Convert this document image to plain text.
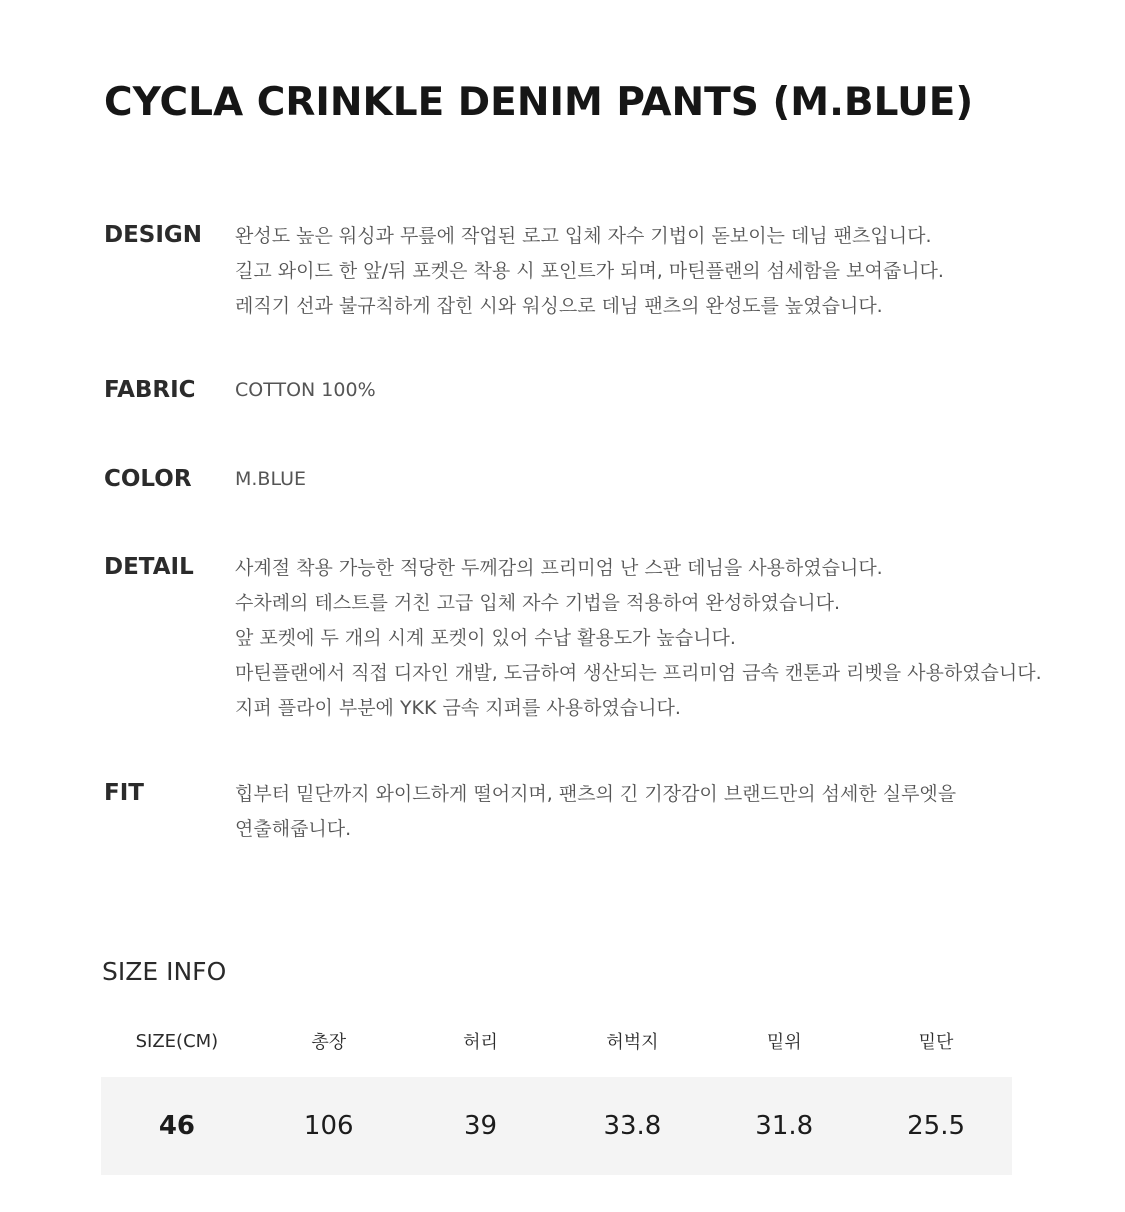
CYCLA CRINKLE DENIM PANTS (M.BLUE)
DESIGN 완성도 높은 워싱과 무릎에 작업된 로고 입체 자수 기법이 돋보이는 데님 팬츠입니다.
길고 와이드 한 앞/뒤 포켓은 착용 시 포인트가 되며, 마틴플랜의 섬세함을 보여줍니다.
레직기 선과 불규칙하게 잡힌 시와 워싱으로 데님 팬츠의 완성도를 높였습니다.
FABRIC COTTON 100%
COLOR M.BLUE
DETAIL 사계절 착용 가능한 적당한 두께감의 프리미엄 난 스판 데님을 사용하였습니다.
수차례의 테스트를 거친 고급 입체 자수 기법을 적용하여 완성하였습니다.
앞 포켓에 두 개의 시계 포켓이 있어 수납 활용도가 높습니다.
마틴플랜에서 직접 디자인 개발, 도금하여 생산되는 프리미엄 금속 캔톤과 리벳을 사용하였습니다.
지퍼 플라이 부분에 YKK 금속 지퍼를 사용하였습니다.
FIT	힙부터 밑단까지 와이드하게 떨어지며, 팬츠의 긴 기장감이 브랜드만의 섬세한 실루엣을
연출해줍니다.
SIZE INFO
SIZE(CM)	총장	허리	허벅지	밑위	밑단

46	106	39	33.8	31.8	25.5
